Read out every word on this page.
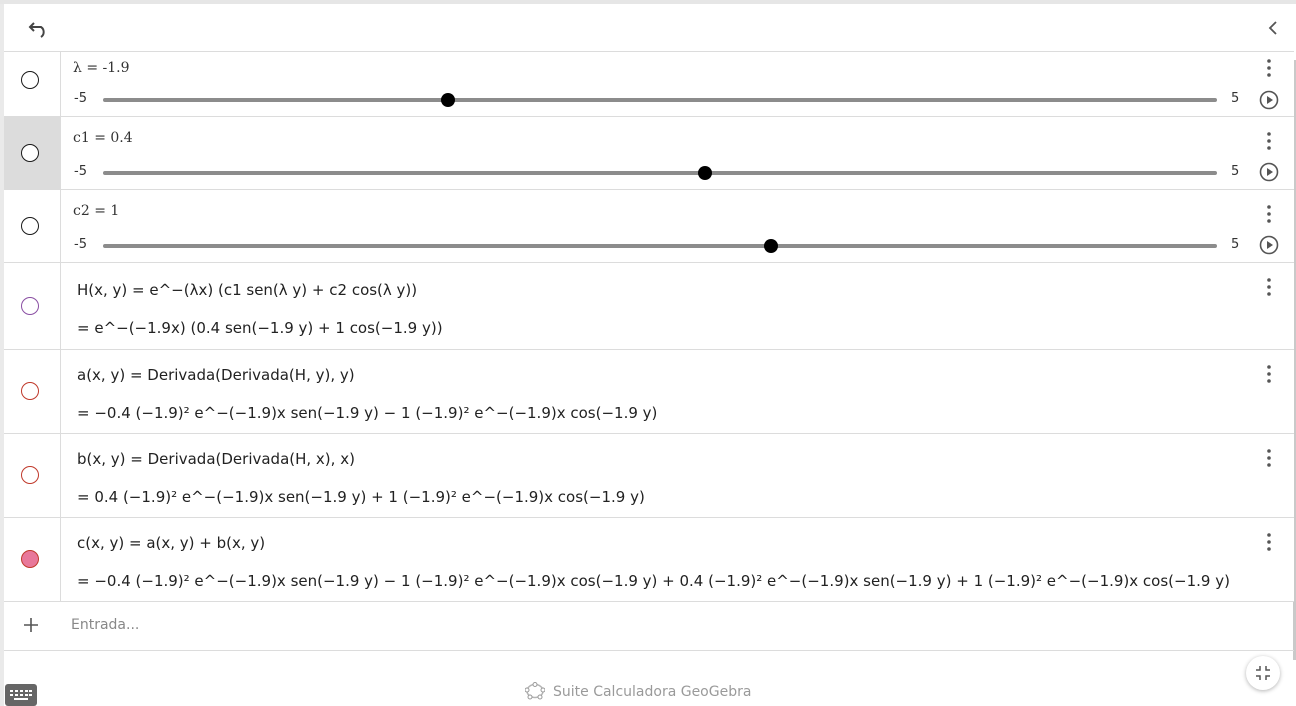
λ = -1.9
-5	5
c1 = 0.4
-5	5
c2 = 1
-5	5
H(x, y) = e^−(λx) (c1 sen(λ y) + c2 cos(λ y))
= e^−(−1.9x) (0.4 sen(−1.9 y) + 1 cos(−1.9 y))
a(x, y) = Derivada(Derivada(H, y), y)
= −0.4 (−1.9)² e^−(−1.9)x sen(−1.9 y) − 1 (−1.9)² e^−(−1.9)x cos(−1.9 y)
b(x, y) = Derivada(Derivada(H, x), x)
= 0.4 (−1.9)² e^−(−1.9)x sen(−1.9 y) + 1 (−1.9)² e^−(−1.9)x cos(−1.9 y)
c(x, y) = a(x, y) + b(x, y)
= −0.4 (−1.9)² e^−(−1.9)x sen(−1.9 y) − 1 (−1.9)² e^−(−1.9)x cos(−1.9 y) + 0.4 (−1.9)² e^−(−1.9)x sen(−1.9 y) + 1 (−1.9)² e^−(−1.9)x cos(−1.9 y)
Entrada...
Suite Calculadora GeoGebra
